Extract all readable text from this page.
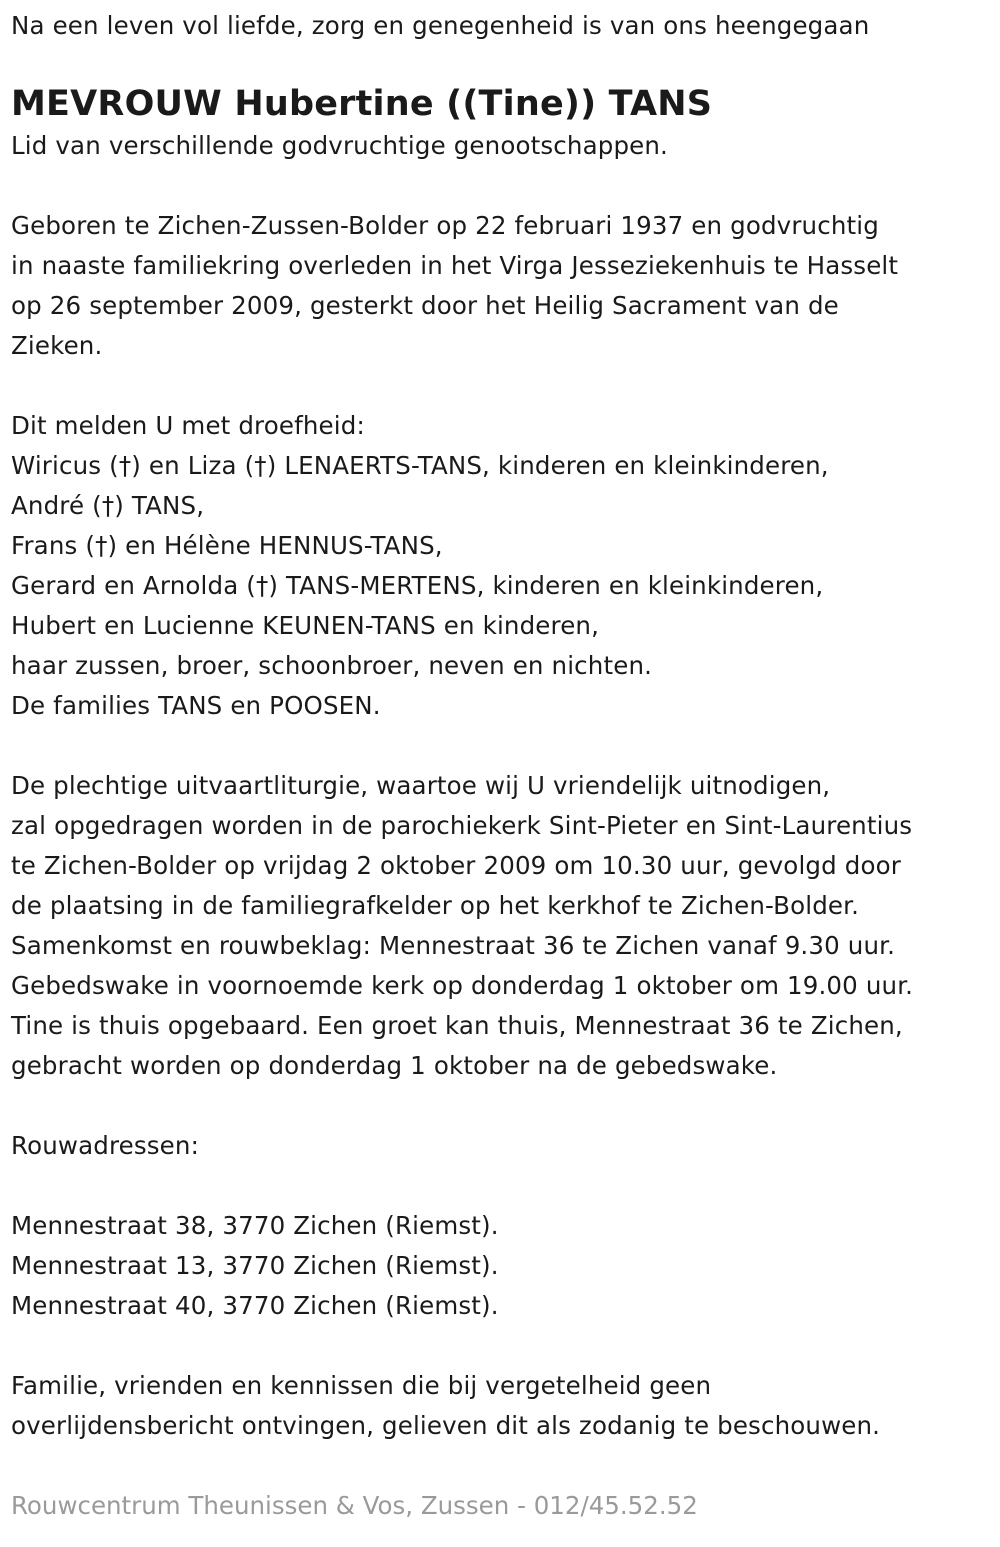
Na een leven vol liefde, zorg en genegenheid is van ons heengegaan
MEVROUW Hubertine ((Tine)) TANS
Lid van verschillende godvruchtige genootschappen.
Geboren te Zichen-Zussen-Bolder op 22 februari 1937 en godvruchtig
in naaste familiekring overleden in het Virga Jesseziekenhuis te Hasselt
op 26 september 2009, gesterkt door het Heilig Sacrament van de
Zieken.
Dit melden U met droefheid:
Wiricus (†) en Liza (†) LENAERTS-TANS, kinderen en kleinkinderen,
André (†) TANS,
Frans (†) en Hélène HENNUS-TANS,
Gerard en Arnolda (†) TANS-MERTENS, kinderen en kleinkinderen,
Hubert en Lucienne KEUNEN-TANS en kinderen,
haar zussen, broer, schoonbroer, neven en nichten.
De families TANS en POOSEN.
De plechtige uitvaartliturgie, waartoe wij U vriendelijk uitnodigen,
zal opgedragen worden in de parochiekerk Sint-Pieter en Sint-Laurentius
te Zichen-Bolder op vrijdag 2 oktober 2009 om 10.30 uur, gevolgd door
de plaatsing in de familiegrafkelder op het kerkhof te Zichen-Bolder.
Samenkomst en rouwbeklag: Mennestraat 36 te Zichen vanaf 9.30 uur.
Gebedswake in voornoemde kerk op donderdag 1 oktober om 19.00 uur.
Tine is thuis opgebaard. Een groet kan thuis, Mennestraat 36 te Zichen,
gebracht worden op donderdag 1 oktober na de gebedswake.
Rouwadressen:
Mennestraat 38, 3770 Zichen (Riemst).
Mennestraat 13, 3770 Zichen (Riemst).
Mennestraat 40, 3770 Zichen (Riemst).
Familie, vrienden en kennissen die bij vergetelheid geen
overlijdensbericht ontvingen, gelieven dit als zodanig te beschouwen.
Rouwcentrum Theunissen & Vos, Zussen - 012/45.52.52
